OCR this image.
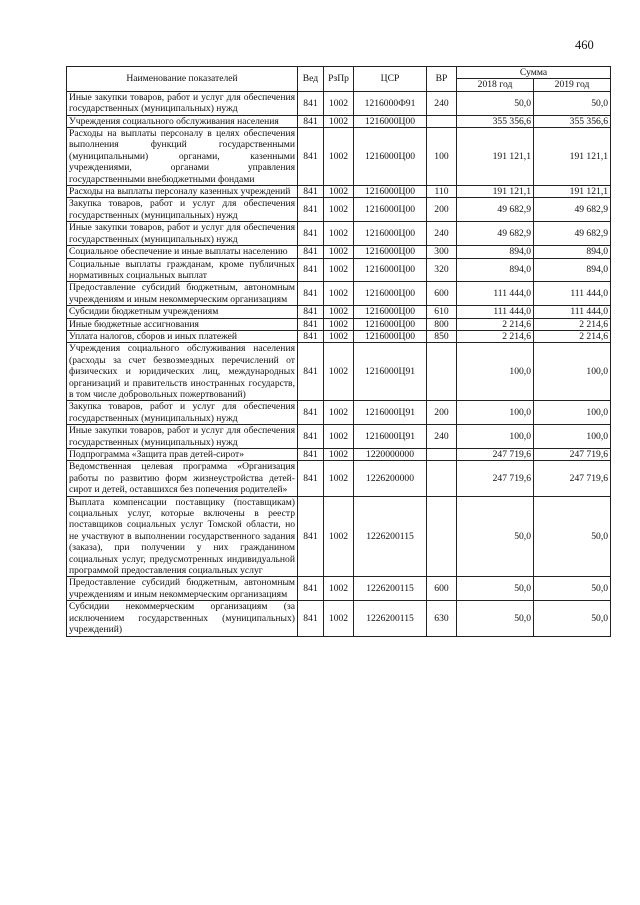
460
Наименование показателей	Вед	РзПр	ЦСР	ВР	Сумма	
					2018 год	2019 год
Иные закупки товаров, работ и услуг для обеспечения государственных (муниципальных) нужд	841	1002	1216000Ф91	240	50,0	50,0
Учреждения социального обслуживания населения	841	1002	1216000Ц00		355 356,6	355 356,6
Расходы на выплаты персоналу в целях обеспечения выполнения функций государственными (муниципальными) органами, казенными учреждениями, органами управления государственными внебюджетными фондами	841	1002	1216000Ц00	100	191 121,1	191 121,1
Расходы на выплаты персоналу казенных учреждений	841	1002	1216000Ц00	110	191 121,1	191 121,1
Закупка товаров, работ и услуг для обеспечения государственных (муниципальных) нужд	841	1002	1216000Ц00	200	49 682,9	49 682,9
Иные закупки товаров, работ и услуг для обеспечения государственных (муниципальных) нужд	841	1002	1216000Ц00	240	49 682,9	49 682,9
Социальное обеспечение и иные выплаты населению	841	1002	1216000Ц00	300	894,0	894,0
Социальные выплаты гражданам, кроме публичных нормативных социальных выплат	841	1002	1216000Ц00	320	894,0	894,0
Предоставление субсидий бюджетным, автономным учреждениям и иным некоммерческим организациям	841	1002	1216000Ц00	600	111 444,0	111 444,0
Субсидии бюджетным учреждениям	841	1002	1216000Ц00	610	111 444,0	111 444,0
Иные бюджетные ассигнования	841	1002	1216000Ц00	800	2 214,6	2 214,6
Уплата налогов, сборов и иных платежей	841	1002	1216000Ц00	850	2 214,6	2 214,6
Учреждения социального обслуживания населения (расходы за счет безвозмездных перечислений от физических и юридических лиц, международных организаций и правительств иностранных государств, в том числе добровольных пожертвований)	841	1002	1216000Ц91		100,0	100,0
Закупка товаров, работ и услуг для обеспечения государственных (муниципальных) нужд	841	1002	1216000Ц91	200	100,0	100,0
Иные закупки товаров, работ и услуг для обеспечения государственных (муниципальных) нужд	841	1002	1216000Ц91	240	100,0	100,0
Подпрограмма «Защита прав детей-сирот»	841	1002	1220000000		247 719,6	247 719,6
Ведомственная целевая программа «Организация работы по развитию форм жизнеустройства детей-сирот и детей, оставшихся без попечения родителей»	841	1002	1226200000		247 719,6	247 719,6
Выплата компенсации поставщику (поставщикам) социальных услуг, которые включены в реестр поставщиков социальных услуг Томской области, но не участвуют в выполнении государственного задания (заказа), при получении у них гражданином социальных услуг, предусмотренных индивидуальной программой предоставления социальных услуг	841	1002	1226200115		50,0	50,0
Предоставление субсидий бюджетным, автономным учреждениям и иным некоммерческим организациям	841	1002	1226200115	600	50,0	50,0
Субсидии некоммерческим организациям (за исключением государственных (муниципальных) учреждений)	841	1002	1226200115	630	50,0	50,0
